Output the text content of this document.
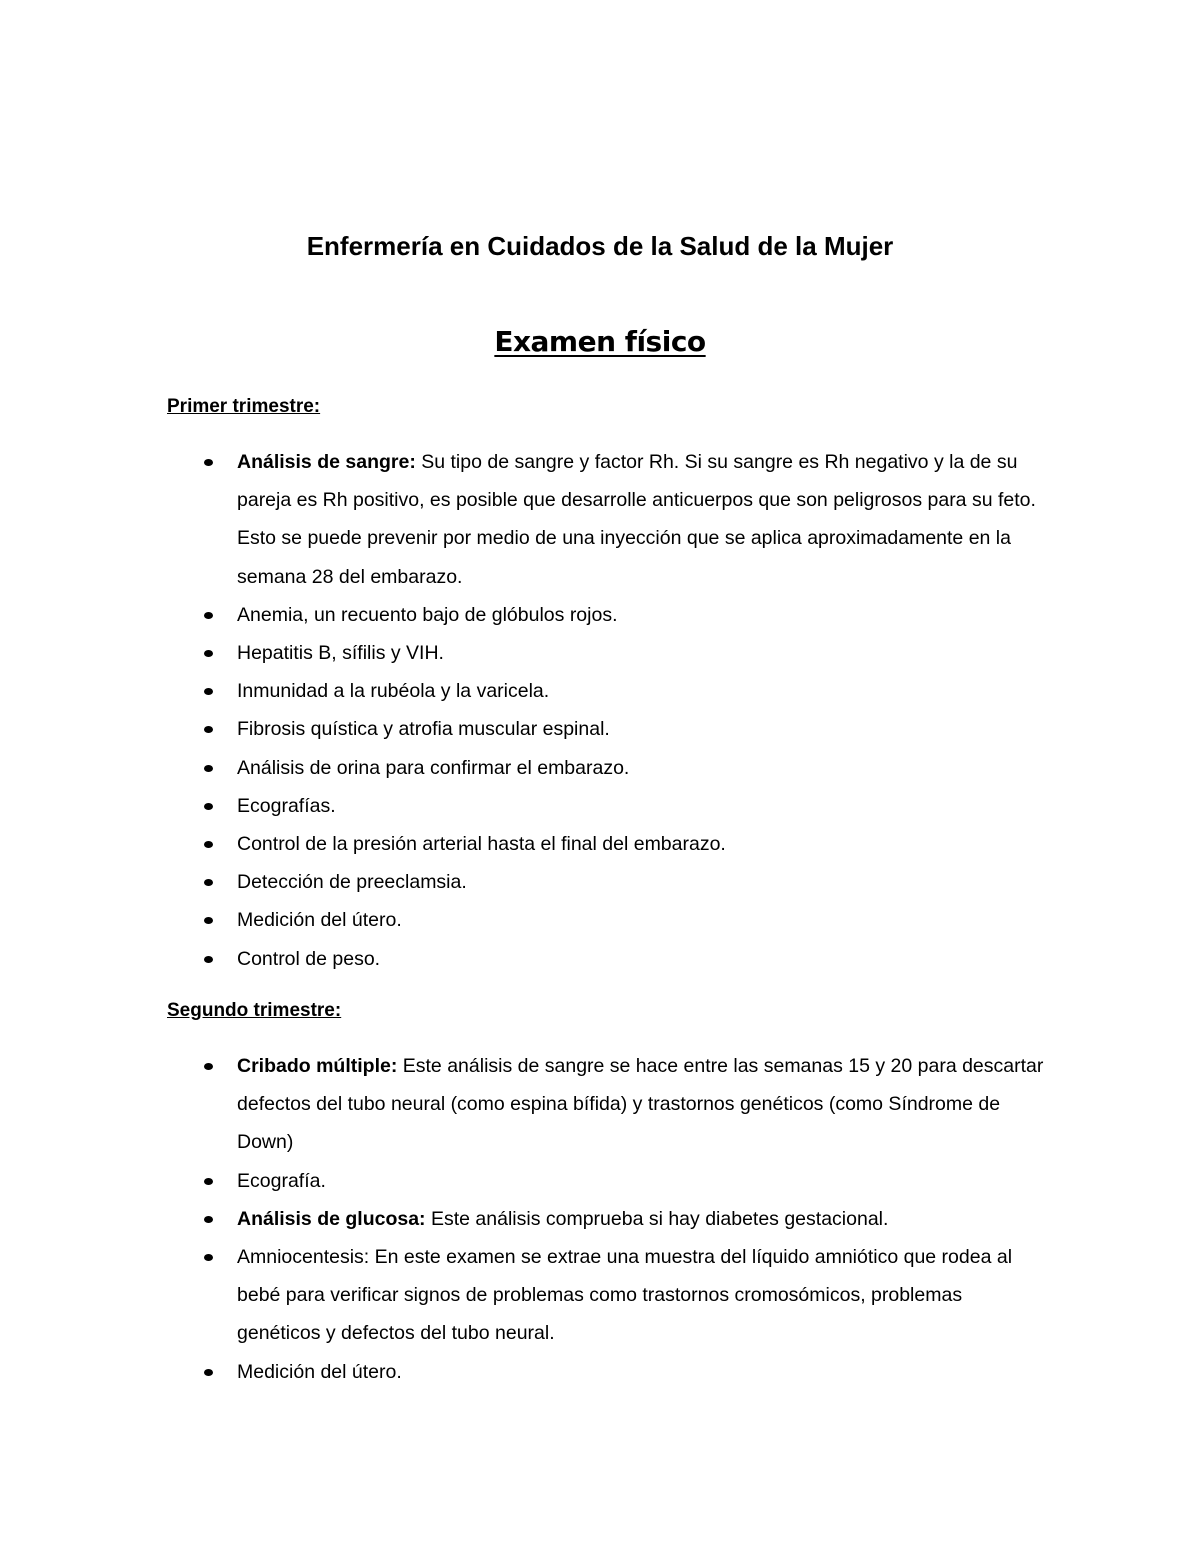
Enfermería en Cuidados de la Salud de la Mujer
Examen físico
Primer trimestre:
Análisis de sangre: Su tipo de sangre y factor Rh. Si su sangre es Rh negativo y la de su pareja es Rh positivo, es posible que desarrolle anticuerpos que son peligrosos para su feto. Esto se puede prevenir por medio de una inyección que se aplica aproximadamente en la semana 28 del embarazo.
Anemia, un recuento bajo de glóbulos rojos.
Hepatitis B, sífilis y VIH.
Inmunidad a la rubéola y la varicela.
Fibrosis quística y atrofia muscular espinal.
Análisis de orina para confirmar el embarazo.
Ecografías.
Control de la presión arterial hasta el final del embarazo.
Detección de preeclamsia.
Medición del útero.
Control de peso.
Segundo trimestre:
Cribado múltiple: Este análisis de sangre se hace entre las semanas 15 y 20 para descartar defectos del tubo neural (como espina bífida) y trastornos genéticos (como Síndrome de Down)
Ecografía.
Análisis de glucosa: Este análisis comprueba si hay diabetes gestacional.
Amniocentesis: En este examen se extrae una muestra del líquido amniótico que rodea al bebé para verificar signos de problemas como trastornos cromosómicos, problemas genéticos y defectos del tubo neural.
Medición del útero.
